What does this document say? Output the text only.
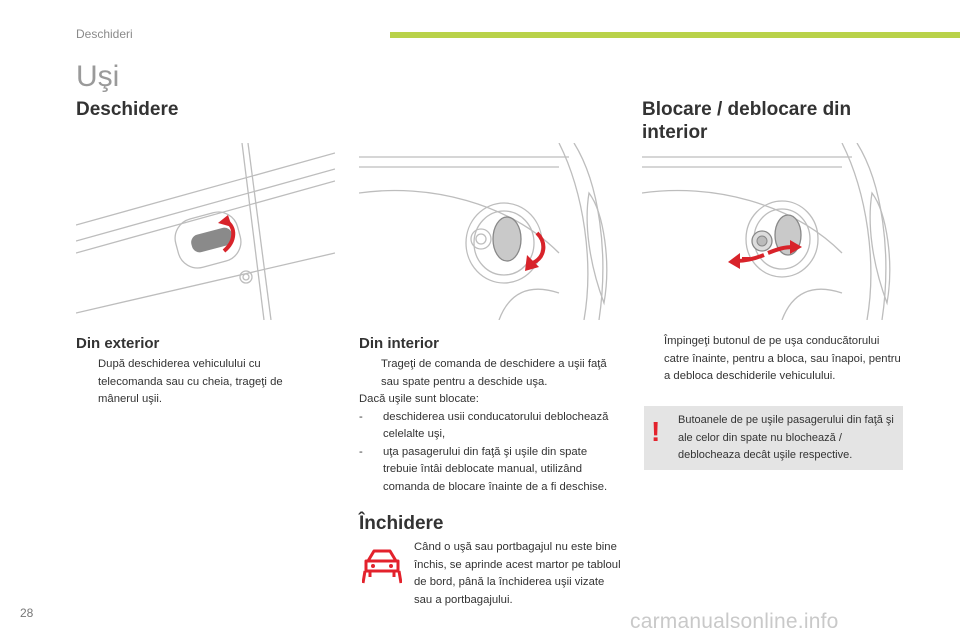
Deschideri
Uşi
Deschidere	Blocare / deblocare din interior
Din exterior
După deschiderea vehiculului cu telecomanda sau cu cheia, trageţi de mânerul uşii.
Din interior
Trageţi de comanda de deschidere a uşii faţă sau spate pentru a deschide uşa.
Dacă uşile sunt blocate:
-	deschiderea usii conducatorului deblochează celelalte uşi,
-	uţa pasagerului din faţă şi uşile din spate trebuie întâi deblocate manual, utilizând comanda de blocare înainte de a fi deschise.
Închidere
Când o uşă sau portbagajul nu este bine închis, se aprinde acest martor pe tabloul de bord, până la închiderea uşii vizate sau a portbagajului.
Împingeţi butonul de pe uşa conducătorului catre înainte, pentru a bloca, sau înapoi, pentru a debloca deschiderile vehiculului.
! Butoanele de pe uşile pasagerului din faţă şi ale celor din spate nu blochează / deblocheaza decât uşile respective.
28	carmanualsonline.info
